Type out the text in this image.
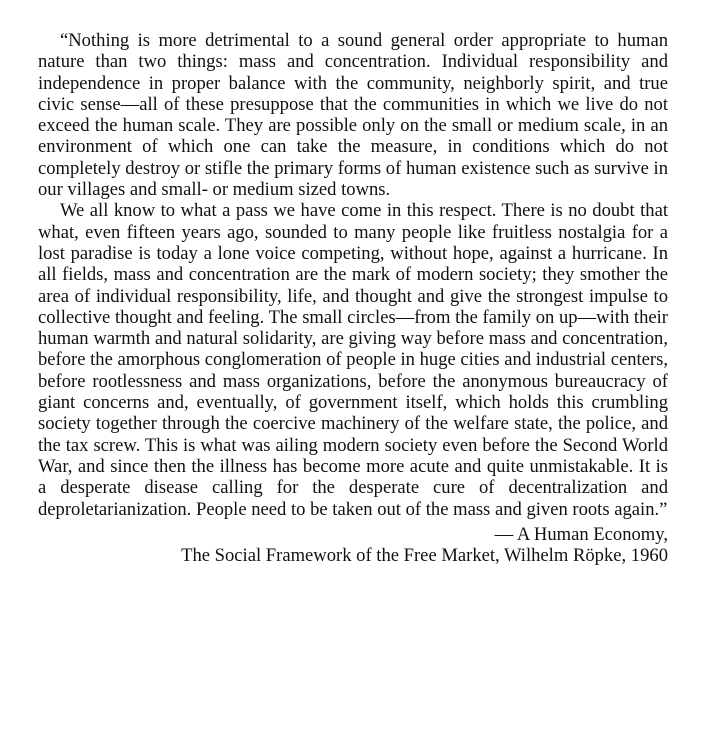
“Nothing is more detrimental to a sound general order appropriate to human nature than two things: mass and concentration. Individual responsibility and independence in proper balance with the community, neighborly spirit, and true civic sense—all of these presuppose that the communities in which we live do not exceed the human scale. They are possible only on the small or medium scale, in an environment of which one can take the measure, in conditions which do not completely destroy or stifle the primary forms of human existence such as survive in our villages and small- or medium sized towns.

We all know to what a pass we have come in this respect. There is no doubt that what, even fifteen years ago, sounded to many people like fruitless nostalgia for a lost paradise is today a lone voice competing, without hope, against a hurricane. In all fields, mass and concentration are the mark of modern society; they smother the area of individual responsibility, life, and thought and give the strongest impulse to collective thought and feeling. The small circles—from the family on up—with their human warmth and natural solidarity, are giving way before mass and concentration, before the amorphous conglomeration of people in huge cities and industrial centers, before rootlessness and mass organizations, before the anonymous bureaucracy of giant concerns and, eventually, of government itself, which holds this crumbling society together through the coercive machinery of the welfare state, the police, and the tax screw. This is what was ailing modern society even before the Second World War, and since then the illness has become more acute and quite unmistakable. It is a desperate disease calling for the desperate cure of decentralization and deproletarianization. People need to be taken out of the mass and given roots again.”

— A Human Economy,
The Social Framework of the Free Market, Wilhelm Röpke, 1960
